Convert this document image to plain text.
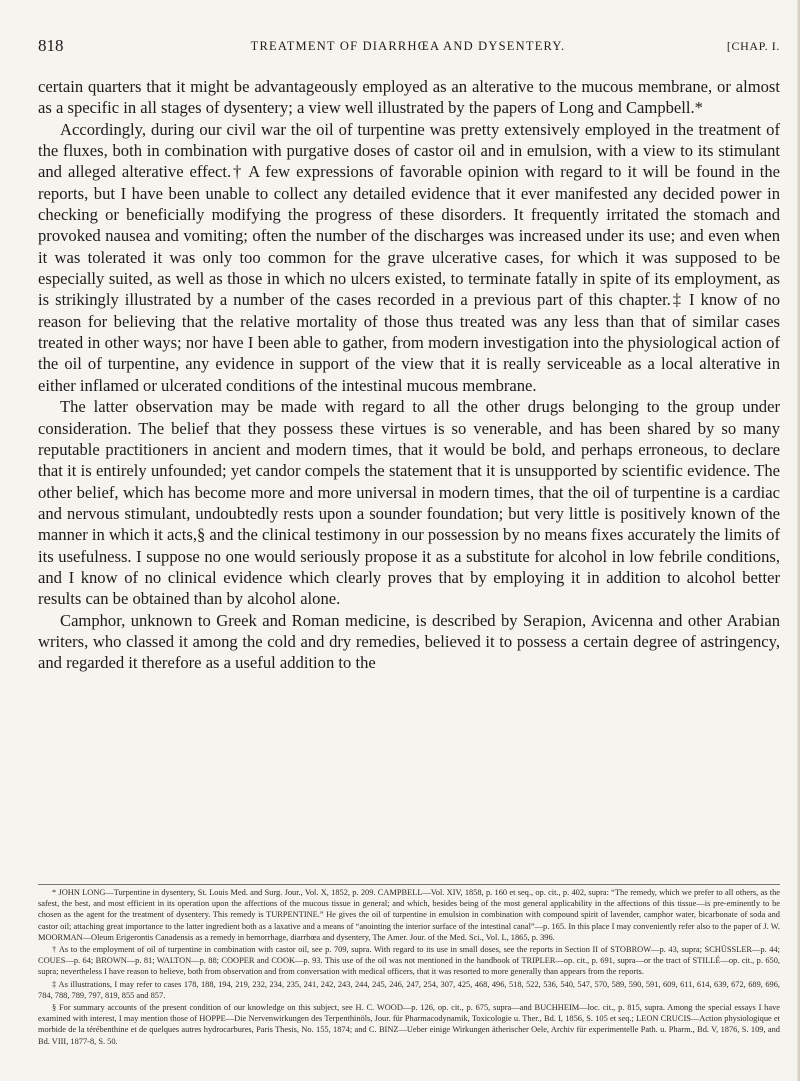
818	TREATMENT OF DIARRHŒA AND DYSENTERY.	[CHAP. I.

certain quarters that it might be advantageously employed as an alterative to the mucous membrane, or almost as a specific in all stages of dysentery; a view well illustrated by the papers of Long and Campbell.*

Accordingly, during our civil war the oil of turpentine was pretty extensively employed in the treatment of the fluxes, both in combination with purgative doses of castor oil and in emulsion, with a view to its stimulant and alleged alterative effect.† A few expressions of favorable opinion with regard to it will be found in the reports, but I have been unable to collect any detailed evidence that it ever manifested any decided power in checking or beneficially modifying the progress of these disorders. It frequently irritated the stomach and provoked nausea and vomiting; often the number of the discharges was increased under its use; and even when it was tolerated it was only too common for the grave ulcerative cases, for which it was supposed to be especially suited, as well as those in which no ulcers existed, to terminate fatally in spite of its employment, as is strikingly illustrated by a number of the cases recorded in a previous part of this chapter.‡ I know of no reason for believing that the relative mortality of those thus treated was any less than that of similar cases treated in other ways; nor have I been able to gather, from modern investigation into the physiological action of the oil of turpentine, any evidence in support of the view that it is really serviceable as a local alterative in either inflamed or ulcerated conditions of the intestinal mucous membrane.

The latter observation may be made with regard to all the other drugs belonging to the group under consideration. The belief that they possess these virtues is so venerable, and has been shared by so many reputable practitioners in ancient and modern times, that it would be bold, and perhaps erroneous, to declare that it is entirely unfounded; yet candor compels the statement that it is unsupported by scientific evidence. The other belief, which has become more and more universal in modern times, that the oil of turpentine is a cardiac and nervous stimulant, undoubtedly rests upon a sounder foundation; but very little is positively known of the manner in which it acts,§ and the clinical testimony in our possession by no means fixes accurately the limits of its usefulness. I suppose no one would seriously propose it as a substitute for alcohol in low febrile conditions, and I know of no clinical evidence which clearly proves that by employing it in addition to alcohol better results can be obtained than by alcohol alone.

Camphor, unknown to Greek and Roman medicine, is described by Serapion, Avicenna and other Arabian writers, who classed it among the cold and dry remedies, believed it to possess a certain degree of astringency, and regarded it therefore as a useful addition to the

* JOHN LONG—Turpentine in dysentery, St. Louis Med. and Surg. Jour., Vol. X, 1852, p. 209. CAMPBELL—Vol. XIV, 1858, p. 160 et seq., op. cit., p. 402, supra: “The remedy, which we prefer to all others, as the safest, the best, and most efficient in its operation upon the affections of the mucous tissue in general; and which, besides being of the most general applicability in the affections of this tissue—is pre-eminently to be chosen as the agent for the treatment of dysentery. This remedy is TURPENTINE.” He gives the oil of turpentine in emulsion in combination with compound spirit of lavender, camphor water, bicarbonate of soda and castor oil; attaching great importance to the latter ingredient both as a laxative and a means of “anointing the interior surface of the intestinal canal”—p. 165. In this place I may conveniently refer also to the paper of J. W. MOORMAN—Oleum Erigerontis Canadensis as a remedy in hemorrhage, diarrhœa and dysentery, The Amer. Jour. of the Med. Sci., Vol. L, 1865, p. 396.

† As to the employment of oil of turpentine in combination with castor oil, see p. 709, supra. With regard to its use in small doses, see the reports in Section II of STOBROW—p. 43, supra; SCHÜSSLER—p. 44; COUES—p. 64; BROWN—p. 81; WALTON—p. 88; COOPER and COOK—p. 93. This use of the oil was not mentioned in the handbook of TRIPLER—op. cit., p. 691, supra—or the tract of STILLÉ—op. cit., p. 650, supra; nevertheless I have reason to believe, both from observation and from conversation with medical officers, that it was resorted to more generally than appears from the reports.

‡ As illustrations, I may refer to cases 178, 188, 194, 219, 232, 234, 235, 241, 242, 243, 244, 245, 246, 247, 254, 307, 425, 468, 496, 518, 522, 536, 540, 547, 570, 589, 590, 591, 609, 611, 614, 639, 672, 689, 696, 784, 788, 789, 797, 819, 855 and 857.

§ For summary accounts of the present condition of our knowledge on this subject, see H. C. WOOD—p. 126, op. cit., p. 675, supra—and BUCHHEIM—loc. cit., p. 815, supra. Among the special essays I have examined with interest, I may mention those of HOPPE—Die Nervenwirkungen des Terpenthinöls, Jour. für Pharmacodynamik, Toxicologie u. Ther., Bd. I, 1856, S. 105 et seq.; LEON CRUCIS—Action physiologique et morbide de la térébenthine et de quelques autres hydrocarbures, Paris Thesis, No. 155, 1874; and C. BINZ—Ueber einige Wirkungen ätherischer Oele, Archiv für experimentelle Path. u. Pharm., Bd. V, 1876, S. 109, and Bd. VIII, 1877-8, S. 50.
